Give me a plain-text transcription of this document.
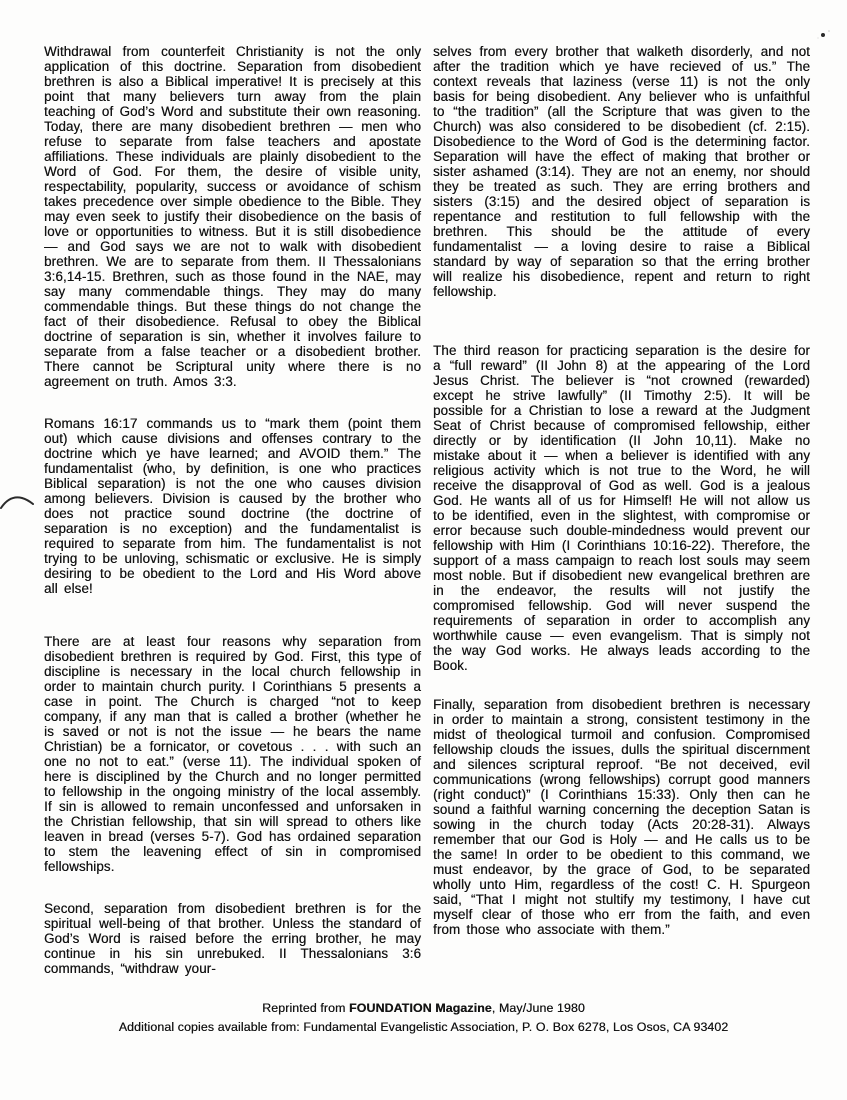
Withdrawal from counterfeit Christianity is not the only application of this doctrine. Separation from disobedient brethren is also a Biblical imperative! It is precisely at this point that many believers turn away from the plain teaching of God’s Word and substitute their own reasoning. Today, there are many disobedient brethren — men who refuse to separate from false teachers and apostate affiliations. These individuals are plainly disobedient to the Word of God. For them, the desire of visible unity, respectability, popularity, success or avoidance of schism takes precedence over simple obedience to the Bible. They may even seek to justify their disobedience on the basis of love or opportunities to witness. But it is still disobedience — and God says we are not to walk with disobedient brethren. We are to separate from them. II Thessalonians 3:6,14-15. Brethren, such as those found in the NAE, may say many commendable things. They may do many commendable things. But these things do not change the fact of their disobedience. Refusal to obey the Biblical doctrine of separation is sin, whether it involves failure to separate from a false teacher or a disobedient brother. There cannot be Scriptural unity where there is no agreement on truth. Amos 3:3.

Romans 16:17 commands us to “mark them (point them out) which cause divisions and offenses contrary to the doctrine which ye have learned; and AVOID them.” The fundamentalist (who, by definition, is one who practices Biblical separation) is not the one who causes division among believers. Division is caused by the brother who does not practice sound doctrine (the doctrine of separation is no exception) and the fundamentalist is required to separate from him. The fundamentalist is not trying to be unloving, schismatic or exclusive. He is simply desiring to be obedient to the Lord and His Word above all else!

There are at least four reasons why separation from disobedient brethren is required by God. First, this type of discipline is necessary in the local church fellowship in order to maintain church purity. I Corinthians 5 presents a case in point. The Church is charged “not to keep company, if any man that is called a brother (whether he is saved or not is not the issue — he bears the name Christian) be a fornicator, or covetous . . . with such an one no not to eat.” (verse 11). The individual spoken of here is disciplined by the Church and no longer permitted to fellowship in the ongoing ministry of the local assembly. If sin is allowed to remain unconfessed and unforsaken in the Christian fellowship, that sin will spread to others like leaven in bread (verses 5-7). God has ordained separation to stem the leavening effect of sin in compromised fellowships.

Second, separation from disobedient brethren is for the spiritual well-being of that brother. Unless the standard of God’s Word is raised before the erring brother, he may continue in his sin unrebuked. II Thessalonians 3:6 commands, “withdraw your-

selves from every brother that walketh disorderly, and not after the tradition which ye have recieved of us.” The context reveals that laziness (verse 11) is not the only basis for being disobedient. Any believer who is unfaithful to “the tradition” (all the Scripture that was given to the Church) was also considered to be disobedient (cf. 2:15). Disobedience to the Word of God is the determining factor. Separation will have the effect of making that brother or sister ashamed (3:14). They are not an enemy, nor should they be treated as such. They are erring brothers and sisters (3:15) and the desired object of separation is repentance and restitution to full fellowship with the brethren. This should be the attitude of every fundamentalist — a loving desire to raise a Biblical standard by way of separation so that the erring brother will realize his disobedience, repent and return to right fellowship.

The third reason for practicing separation is the desire for a “full reward” (II John 8) at the appearing of the Lord Jesus Christ. The believer is “not crowned (rewarded) except he strive lawfully” (II Timothy 2:5). It will be possible for a Christian to lose a reward at the Judgment Seat of Christ because of compromised fellowship, either directly or by identification (II John 10,11). Make no mistake about it — when a believer is identified with any religious activity which is not true to the Word, he will receive the disapproval of God as well. God is a jealous God. He wants all of us for Himself! He will not allow us to be identified, even in the slightest, with compromise or error because such double-mindedness would prevent our fellowship with Him (I Corinthians 10:16-22). Therefore, the support of a mass campaign to reach lost souls may seem most noble. But if disobedient new evangelical brethren are in the endeavor, the results will not justify the compromised fellowship. God will never suspend the requirements of separation in order to accomplish any worthwhile cause — even evangelism. That is simply not the way God works. He always leads according to the Book.

Finally, separation from disobedient brethren is necessary in order to maintain a strong, consistent testimony in the midst of theological turmoil and confusion. Compromised fellowship clouds the issues, dulls the spiritual discernment and silences scriptural reproof. “Be not deceived, evil communications (wrong fellowships) corrupt good manners (right conduct)” (I Corinthians 15:33). Only then can he sound a faithful warning concerning the deception Satan is sowing in the church today (Acts 20:28-31). Always remember that our God is Holy — and He calls us to be the same! In order to be obedient to this command, we must endeavor, by the grace of God, to be separated wholly unto Him, regardless of the cost! C. H. Spurgeon said, “That I might not stultify my testimony, I have cut myself clear of those who err from the faith, and even from those who associate with them.”

Reprinted from FOUNDATION Magazine, May/June 1980
Additional copies available from: Fundamental Evangelistic Association, P. O. Box 6278, Los Osos, CA 93402
